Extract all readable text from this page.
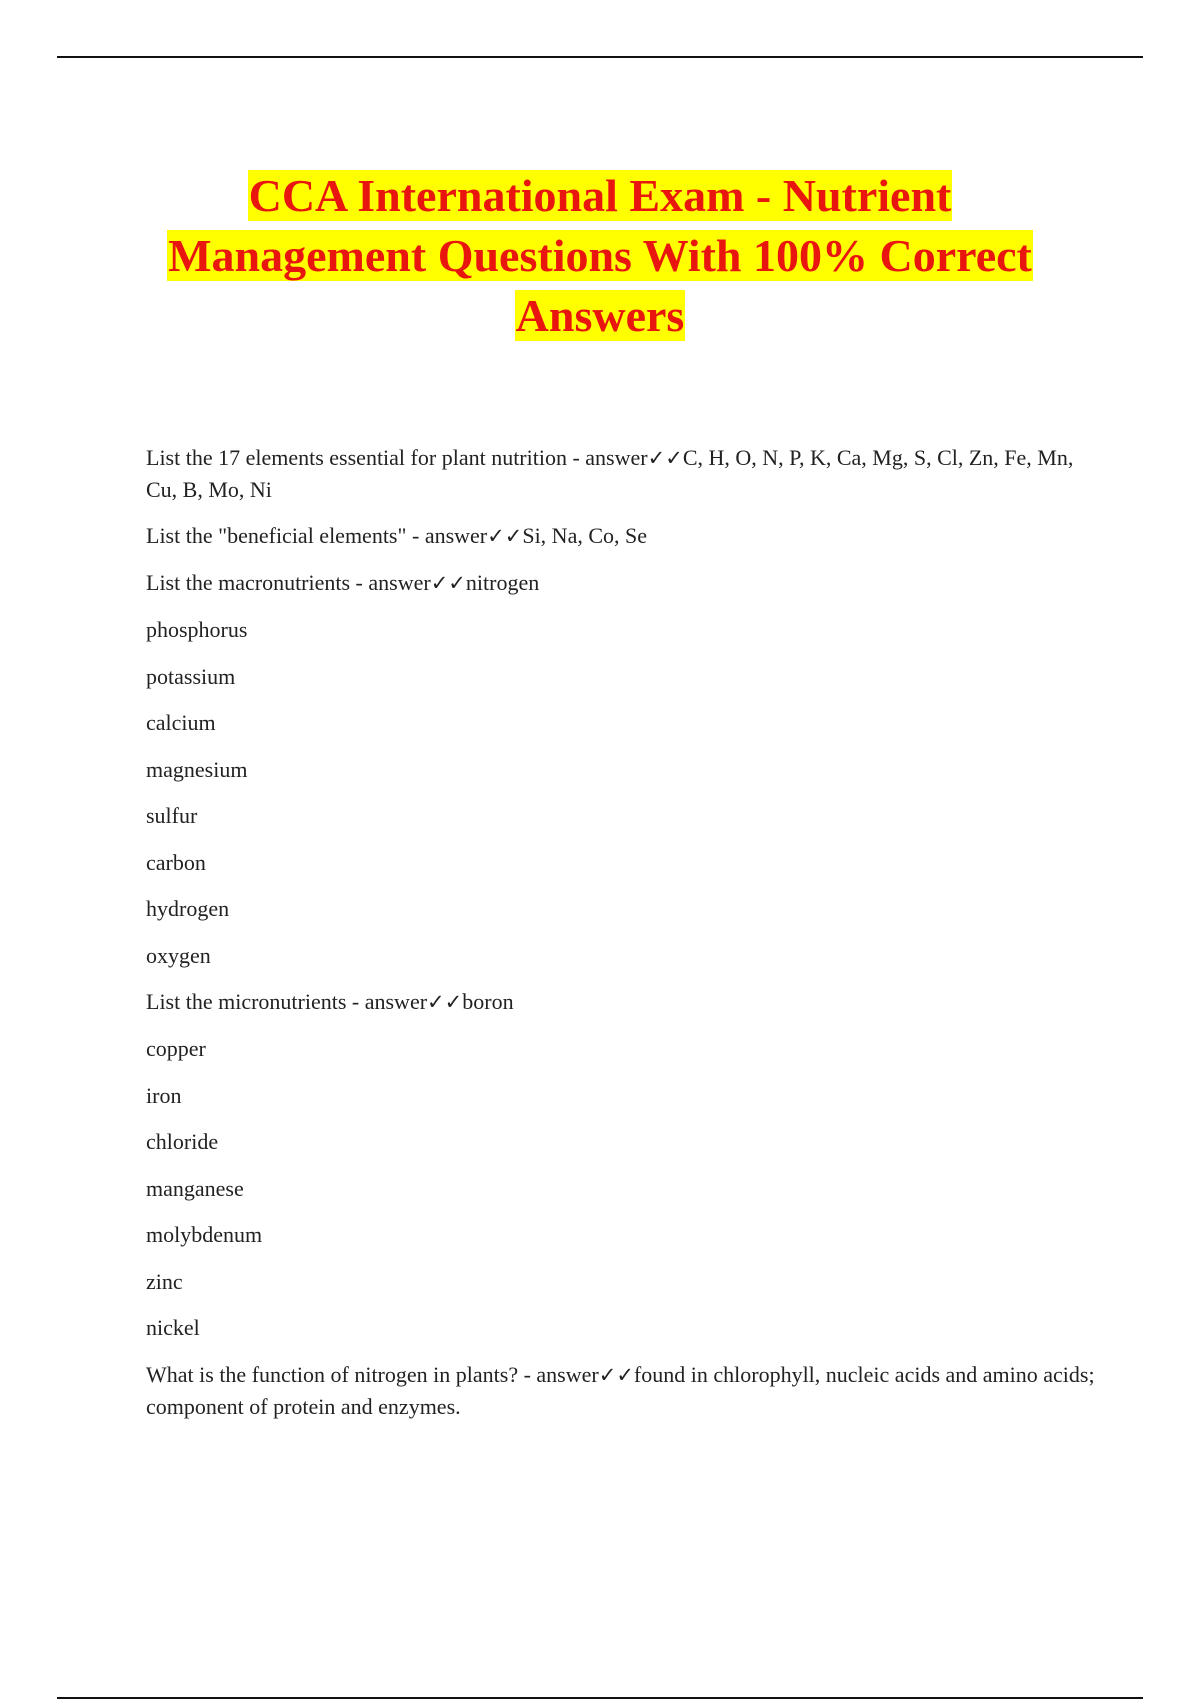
CCA International Exam - Nutrient
Management Questions With 100% Correct
Answers

List the 17 elements essential for plant nutrition - answer✓✓C, H, O, N, P, K, Ca, Mg, S, Cl, Zn, Fe, Mn, Cu, B, Mo, Ni

List the "beneficial elements" - answer✓✓Si, Na, Co, Se

List the macronutrients - answer✓✓nitrogen

phosphorus

potassium

calcium

magnesium

sulfur

carbon

hydrogen

oxygen

List the micronutrients - answer✓✓boron

copper

iron

chloride

manganese

molybdenum

zinc

nickel

What is the function of nitrogen in plants? - answer✓✓found in chlorophyll, nucleic acids and amino acids; component of protein and enzymes.
